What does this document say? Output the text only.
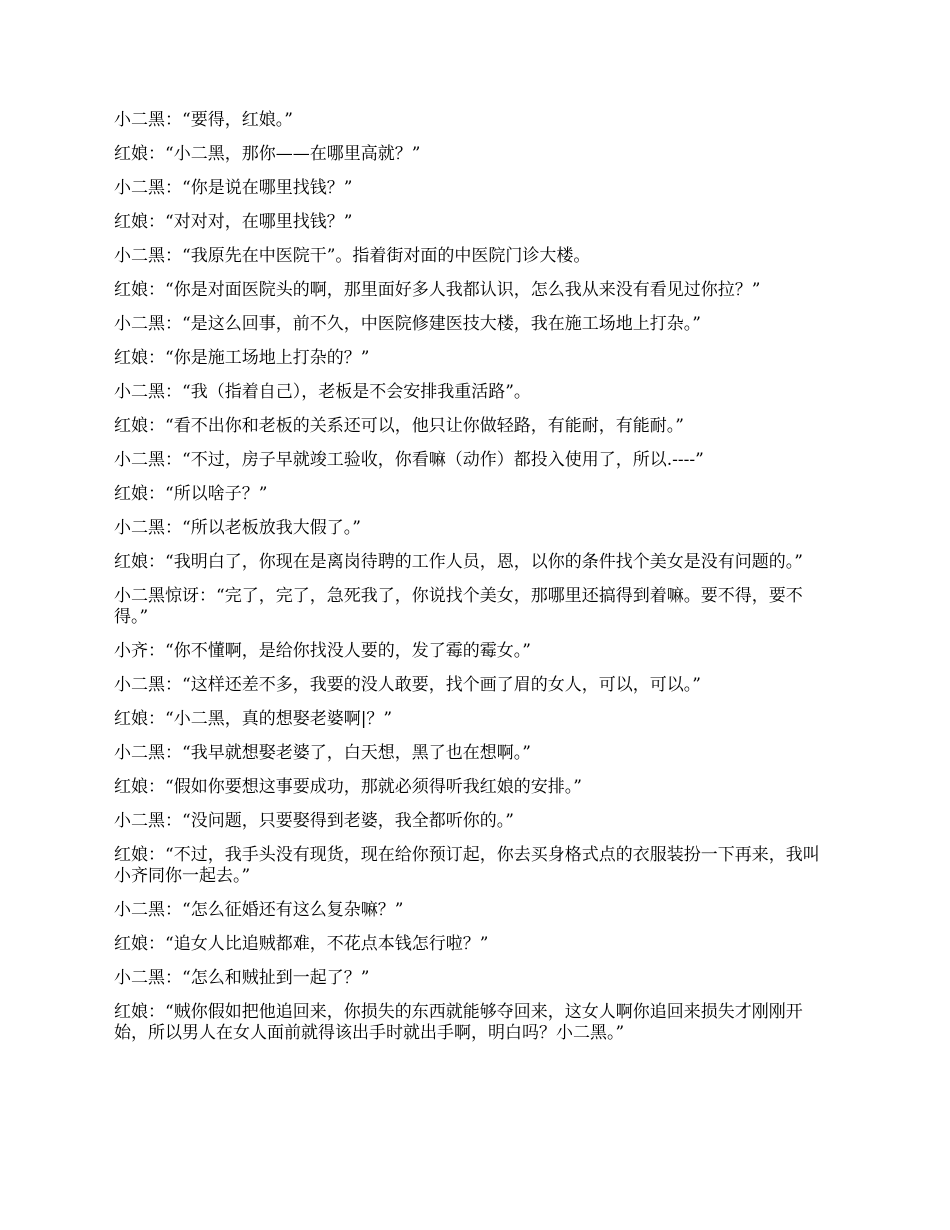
小二黑：“要得，红娘。”

红娘：“小二黑，那你——在哪里高就？”

小二黑：“你是说在哪里找钱？”

红娘：“对对对，在哪里找钱？”

小二黑：“我原先在中医院干”。指着街对面的中医院门诊大楼。

红娘：“你是对面医院头的啊，那里面好多人我都认识，怎么我从来没有看见过你拉？”

小二黑：“是这么回事，前不久，中医院修建医技大楼，我在施工场地上打杂。”

红娘：“你是施工场地上打杂的？”

小二黑：“我（指着自己），老板是不会安排我重活路”。

红娘：“看不出你和老板的关系还可以，他只让你做轻路，有能耐，有能耐。”

小二黑：“不过，房子早就竣工验收，你看嘛（动作）都投入使用了，所以.----”

红娘：“所以啥子？”

小二黑：“所以老板放我大假了。”

红娘：“我明白了，你现在是离岗待聘的工作人员，恩，以你的条件找个美女是没有问题的。”

小二黑惊讶：“完了，完了，急死我了，你说找个美女，那哪里还搞得到着嘛。要不得，要不得。”

小齐：“你不懂啊，是给你找没人要的，发了霉的霉女。”

小二黑：“这样还差不多，我要的没人敢要，找个画了眉的女人，可以，可以。”

红娘：“小二黑，真的想娶老婆啊|？”

小二黑：“我早就想娶老婆了，白天想，黑了也在想啊。”

红娘：“假如你要想这事要成功，那就必须得听我红娘的安排。”

小二黑：“没问题，只要娶得到老婆，我全都听你的。”

红娘：“不过，我手头没有现货，现在给你预订起，你去买身格式点的衣服装扮一下再来，我叫小齐同你一起去。”

小二黑：“怎么征婚还有这么复杂嘛？”

红娘：“追女人比追贼都难，不花点本钱怎行啦？”

小二黑：“怎么和贼扯到一起了？”

红娘：“贼你假如把他追回来，你损失的东西就能够夺回来，这女人啊你追回来损失才刚刚开始，所以男人在女人面前就得该出手时就出手啊，明白吗？小二黑。”
